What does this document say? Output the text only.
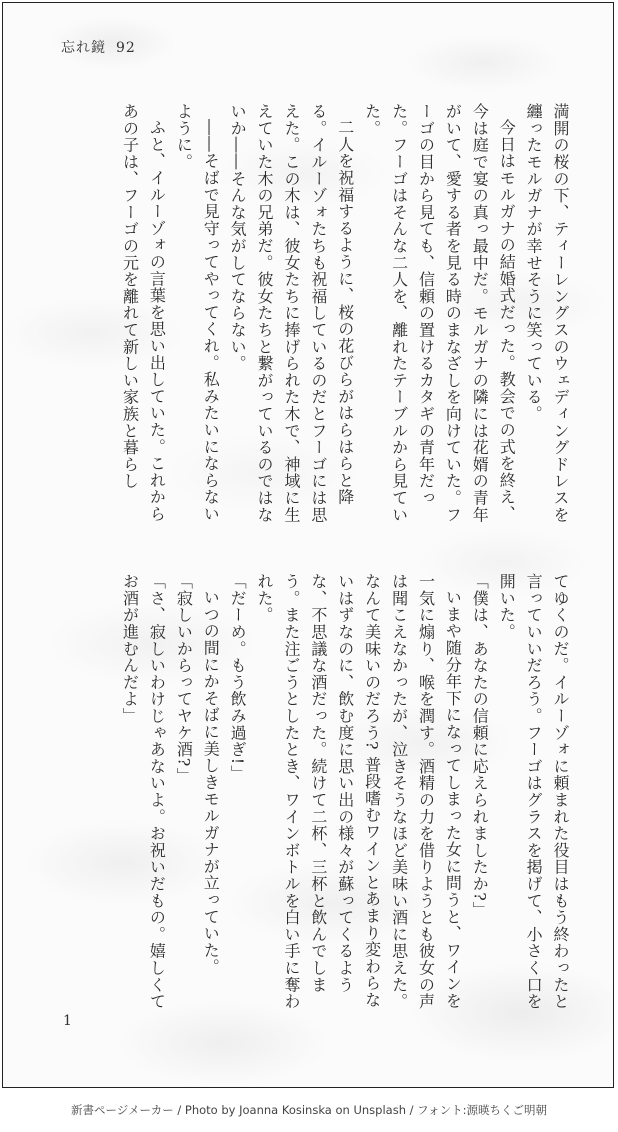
忘れ鏡 92

満開の桜の下、ティーレングスのウェディングドレスを纏ったモルガナが幸せそうに笑っている。

今日はモルガナの結婚式だった。教会での式を終え、今は庭で宴の真っ最中だ。モルガナの隣には花婿の青年がいて、愛する者を見る時のまなざしを向けていた。フーゴの目から見ても、信頼の置けるカタギの青年だった。フーゴはそんな二人を、離れたテーブルから見ていた。

二人を祝福するように、桜の花びらがはらはらと降る。イルーゾォたちも祝福しているのだとフーゴには思えた。この木は、彼女たちに捧げられた木で、神域に生えていた木の兄弟だ。彼女たちと繋がっているのではないか――そんな気がしてならない。

――そばで見守ってやってくれ。私みたいにならないように。

ふと、イルーゾォの言葉を思い出していた。これからあの子は、フーゴの元を離れて新しい家族と暮らし

てゆくのだ。イルーゾォに頼まれた役目はもう終わったと言っていいだろう。フーゴはグラスを掲げて、小さく口を開いた。

「僕は、あなたの信頼に応えられましたか?」

いまや随分年下になってしまった女に問うと、ワインを一気に煽り、喉を潤す。酒精の力を借りようとも彼女の声は聞こえなかったが、泣きそうなほど美味い酒に思えた。なんて美味いのだろう? 普段嗜むワインとあまり変わらないはずなのに、飲む度に思い出の様々が蘇ってくるような、不思議な酒だった。続けて二杯、三杯と飲んでしまう。また注ごうとしたとき、ワインボトルを白い手に奪われた。

「だーめ。もう飲み過ぎ!」

いつの間にかそばに美しきモルガナが立っていた。

「寂しいからってヤケ酒?」

「さ、寂しいわけじゃあないよ。お祝いだもの。嬉しくてお酒が進むんだよ」

1
新書ページメーカー / Photo by Joanna Kosinska on Unsplash / フォント:源暎ちくご明朝
